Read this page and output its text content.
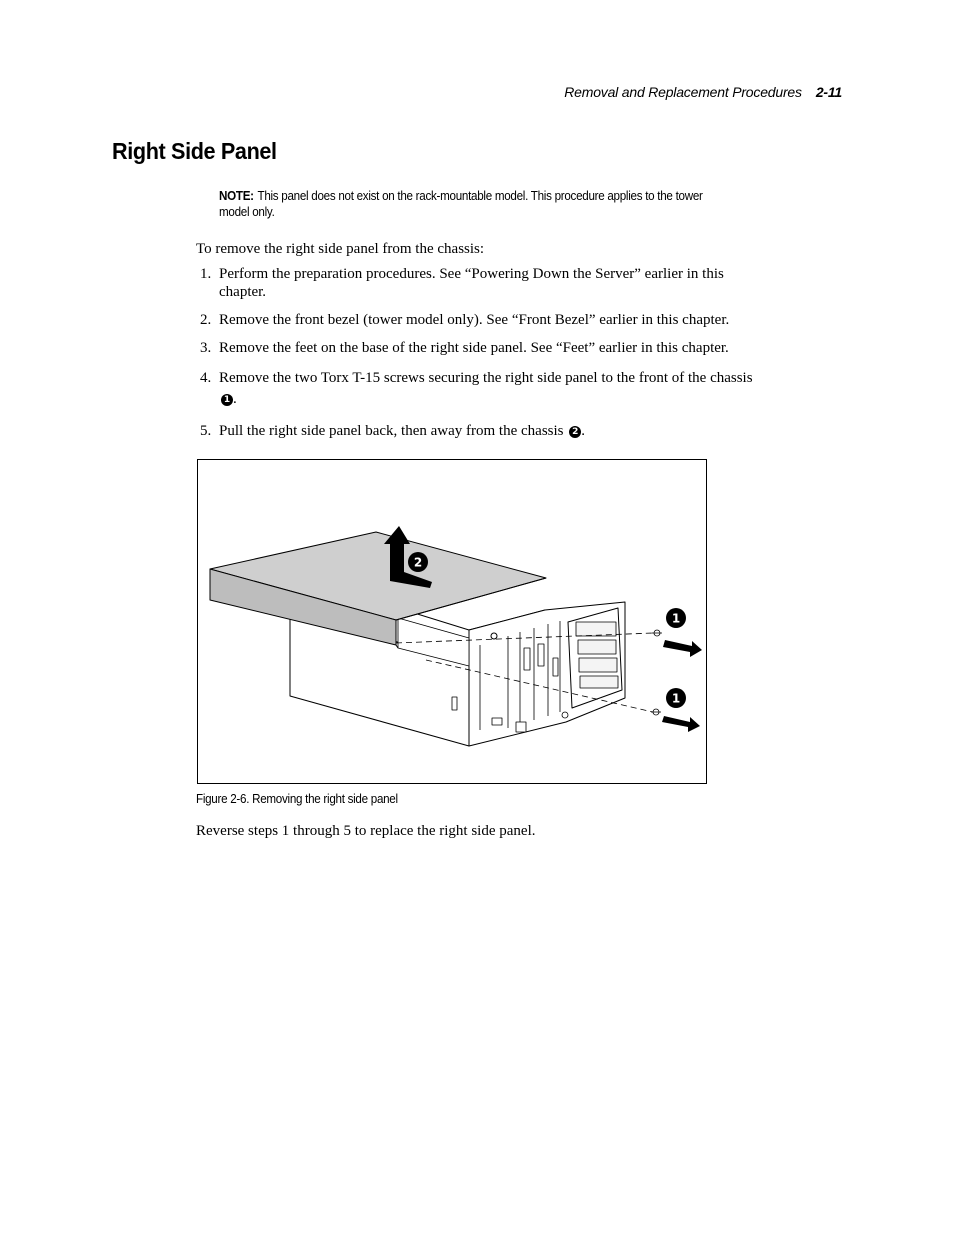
Removal and Replacement Procedures 2-11
Right Side Panel
NOTE: This panel does not exist on the rack-mountable model. This procedure applies to the tower model only.

To remove the right side panel from the chassis:

1. Perform the preparation procedures. See “Powering Down the Server” earlier in this chapter.
2. Remove the front bezel (tower model only). See “Front Bezel” earlier in this chapter.
3. Remove the feet on the base of the right side panel. See “Feet” earlier in this chapter.
4. Remove the two Torx T-15 screws securing the right side panel to the front of the chassis 1 .
5. Pull the right side panel back, then away from the chassis 2 .
2
1
1
Figure 2-6. Removing the right side panel

Reverse steps 1 through 5 to replace the right side panel.
